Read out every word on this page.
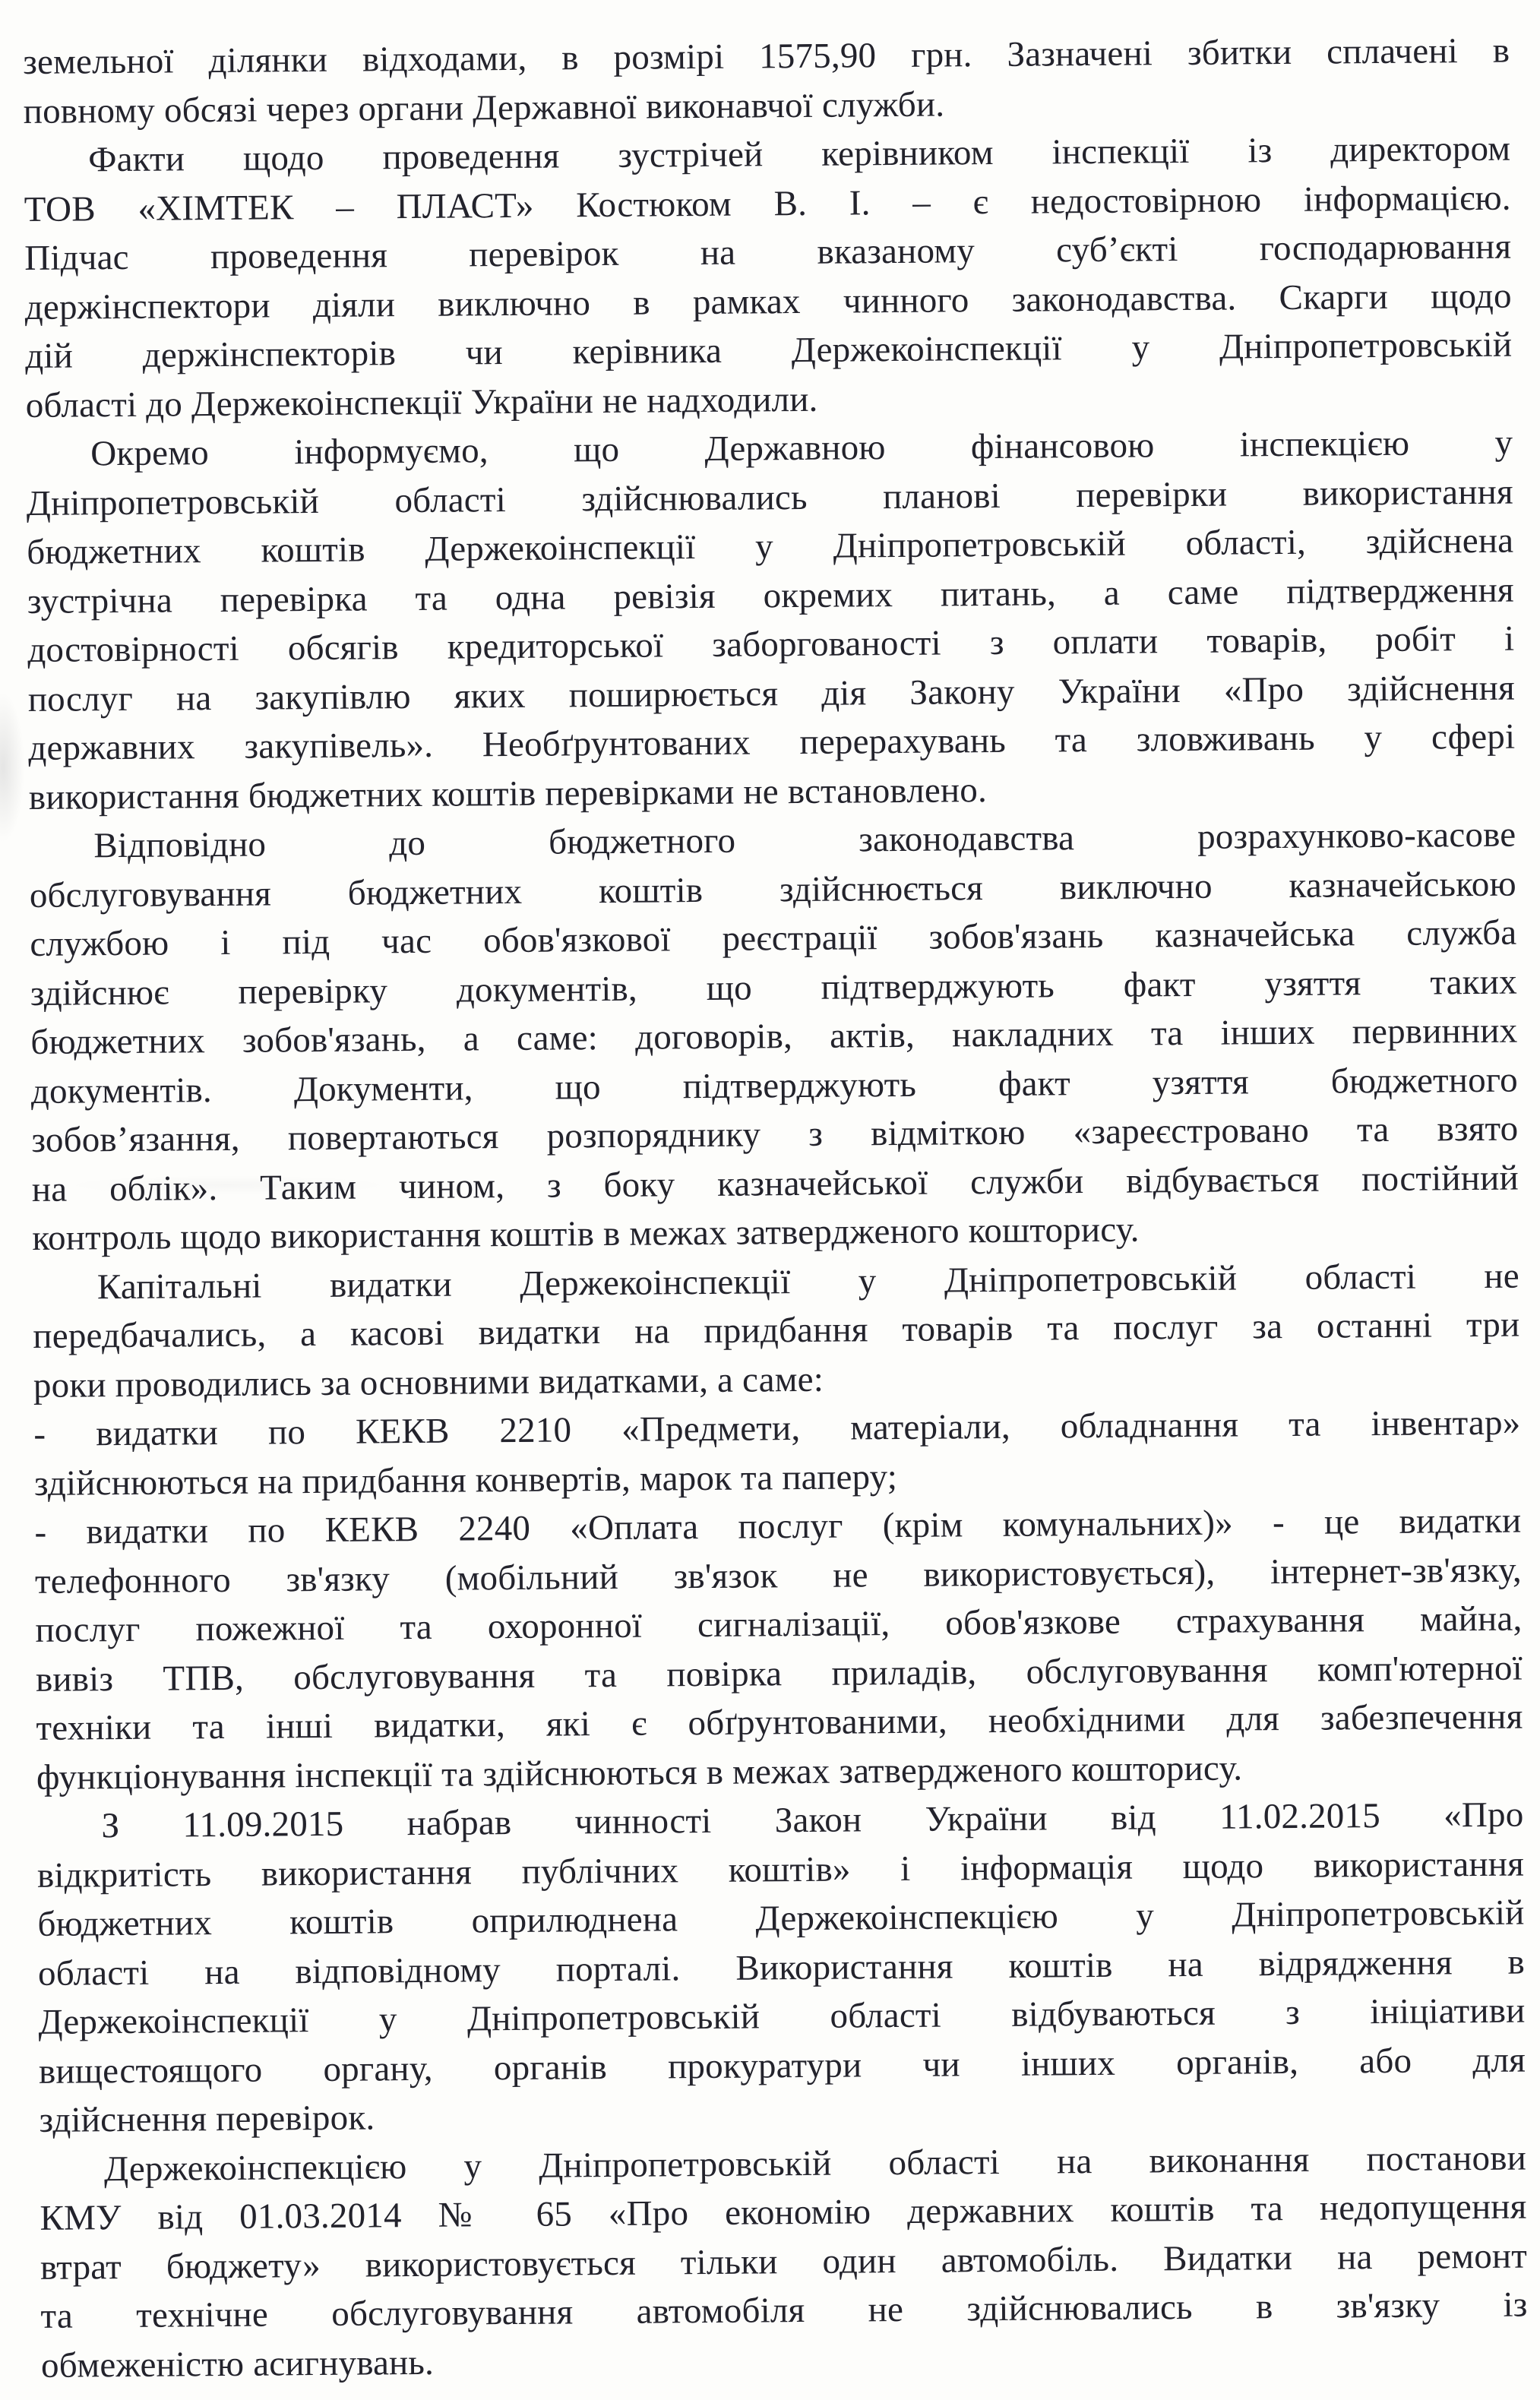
земельної ділянки відходами, в розмірі 1575,90 грн. Зазначені збитки сплачені в
повному обсязі через органи Державної виконавчої служби.
Факти щодо проведення зустрічей керівником інспекції із директором
ТОВ «ХІМТЕК – ПЛАСТ» Костюком В. І. – є недостовірною інформацією.
Підчас проведення перевірок на вказаному суб’єкті господарювання
держінспектори діяли виключно в рамках чинного законодавства. Скарги щодо
дій держінспекторів чи керівника Держекоінспекції у Дніпропетровській
області до Держекоінспекції України не надходили.
Окремо інформуємо, що Державною фінансовою інспекцією у
Дніпропетровській області здійснювались планові перевірки використання
бюджетних коштів Держекоінспекції у Дніпропетровській області, здійснена
зустрічна перевірка та одна ревізія окремих питань, а саме підтвердження
достовірності обсягів кредиторської заборгованості з оплати товарів, робіт і
послуг на закупівлю яких поширюється дія Закону України «Про здійснення
державних закупівель». Необґрунтованих перерахувань та зловживань у сфері
використання бюджетних коштів перевірками не встановлено.
Відповідно до бюджетного законодавства розрахунково-касове
обслуговування бюджетних коштів здійснюється виключно казначейською
службою і під час обов'язкової реєстрації зобов'язань казначейська служба
здійснює перевірку документів, що підтверджують факт узяття таких
бюджетних зобов'язань, а саме: договорів, актів, накладних та інших первинних
документів. Документи, що підтверджують факт узяття бюджетного
зобов’язання, повертаються розпоряднику з відміткою «зареєстровано та взято
на облік». Таким чином, з боку казначейської служби відбувається постійний
контроль щодо використання коштів в межах затвердженого кошторису.
Капітальні видатки Держекоінспекції у Дніпропетровській області не
передбачались, а касові видатки на придбання товарів та послуг за останні три
роки проводились за основними видатками, а саме:
- видатки по КЕКВ 2210 «Предмети, матеріали, обладнання та інвентар»
здійснюються на придбання конвертів, марок та паперу;
- видатки по КЕКВ 2240 «Оплата послуг (крім комунальних)» - це видатки
телефонного зв'язку (мобільний зв'язок не використовується), інтернет-зв'язку,
послуг пожежної та охоронної сигналізації, обов'язкове страхування майна,
вивіз ТПВ, обслуговування та повірка приладів, обслуговування комп'ютерної
техніки та інші видатки, які є обґрунтованими, необхідними для забезпечення
функціонування інспекції та здійснюються в межах затвердженого кошторису.
З 11.09.2015 набрав чинності Закон України від 11.02.2015 «Про
відкритість використання публічних коштів» і інформація щодо використання
бюджетних коштів оприлюднена Держекоінспекцією у Дніпропетровській
області на відповідному порталі. Використання коштів на відрядження в
Держекоінспекції у Дніпропетровській області відбуваються з ініціативи
вищестоящого органу, органів прокуратури чи інших органів, або для
здійснення перевірок.
Держекоінспекцією у Дніпропетровській області на виконання постанови
КМУ від 01.03.2014 № 65 «Про економію державних коштів та недопущення
втрат бюджету» використовується тільки один автомобіль. Видатки на ремонт
та технічне обслуговування автомобіля не здійснювались в зв'язку із
обмеженістю асигнувань.
